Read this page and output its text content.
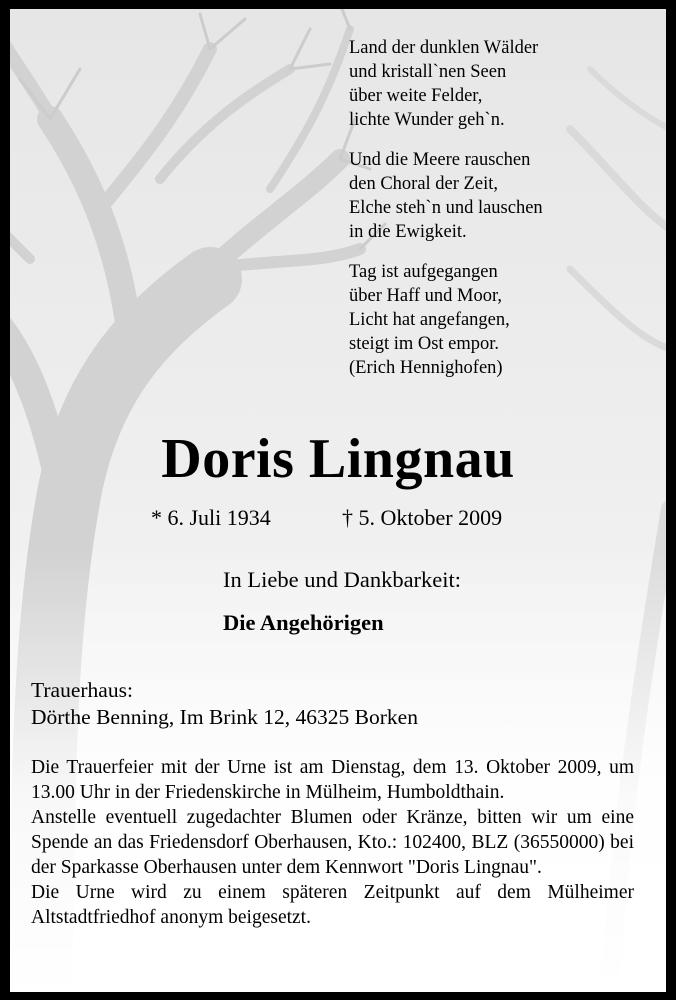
Land der dunklen Wälder
und kristall`nen Seen
über weite Felder,
lichte Wunder geh`n.
Und die Meere rauschen
den Choral der Zeit,
Elche steh`n und lauschen
in die Ewigkeit.
Tag ist aufgegangen
über Haff und Moor,
Licht hat angefangen,
steigt im Ost empor.
(Erich Hennighofen)
Doris Lingnau
* 6. Juli 1934	† 5. Oktober 2009
In Liebe und Dankbarkeit:
Die Angehörigen
Trauerhaus:
Dörthe Benning, Im Brink 12, 46325 Borken

Die Trauerfeier mit der Urne ist am Dienstag, dem 13. Oktober 2009, um 13.00 Uhr in der Friedenskirche in Mülheim, Humboldthain.

Anstelle eventuell zugedachter Blumen oder Kränze, bitten wir um eine Spende an das Friedensdorf Oberhausen, Kto.: 102400, BLZ (36550000) bei der Sparkasse Oberhausen unter dem Kennwort "Doris Lingnau".

Die Urne wird zu einem späteren Zeitpunkt auf dem Mülheimer Altstadtfriedhof anonym beigesetzt.
